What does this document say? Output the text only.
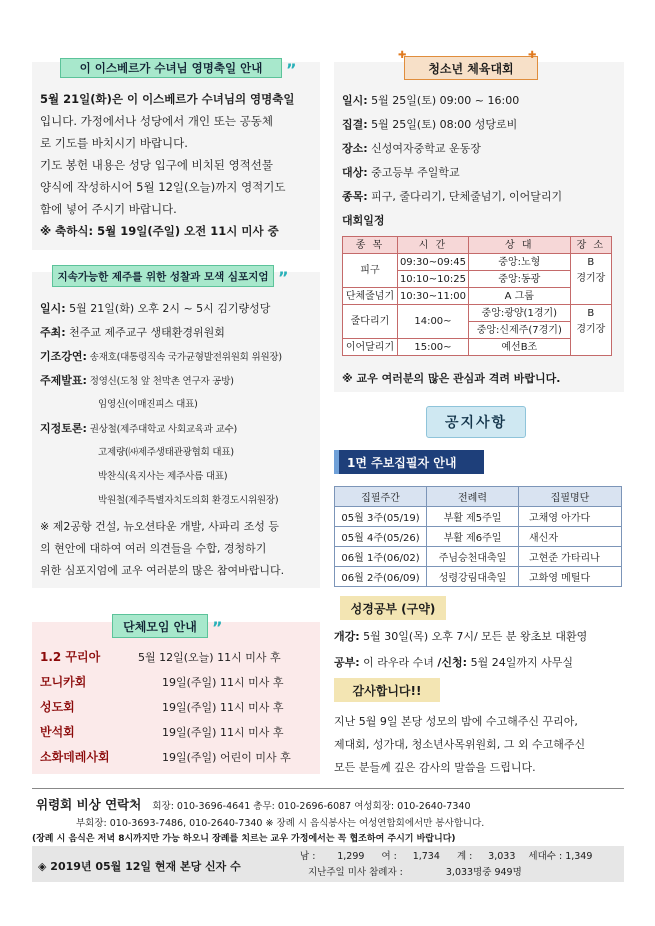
이 이스베르가 수녀님 영명축일 안내 ”
5월 21일(화)은 이 이스베르가 수녀님의 영명축일
입니다. 가정에서나 성당에서 개인 또는 공동체
로 기도를 바치시기 바랍니다.
기도 봉헌 내용은 성당 입구에 비치된 영적선물
양식에 작성하시어 5월 12일(오늘)까지 영적기도
함에 넣어 주시기 바랍니다.
※ 축하식: 5월 19일(주일) 오전 11시 미사 중
지속가능한 제주를 위한 성찰과 모색 심포지엄 ”
일시: 5월 21일(화) 오후 2시 ~ 5시 김기량성당
주최: 천주교 제주교구 생태환경위원회
기조강연: 송재호(대통령직속 국가균형발전위원회 위원장)
주제발표: 정영신(도청 앞 천막촌 연구자 공방)
임영신(이매진피스 대표)
지정토론: 권상철(제주대학교 사회교육과 교수)
고제량(㈔제주생태관광협회 대표)
박찬식(육지사는 제주사름 대표)
박원철(제주특별자치도의회 환경도시위원장)
※ 제2공항 건설, 뉴오션타운 개발, 사파리 조성 등
의 현안에 대하여 여러 의견들을 수합, 경청하기
위한 심포지엄에 교우 여러분의 많은 참여바랍니다.
단체모임 안내 ”
1.2 꾸리아	5월 12일(오늘) 11시 미사 후
모니카회	19일(주일) 11시 미사 후
성도회	19일(주일) 11시 미사 후
반석회	19일(주일) 11시 미사 후
소화데레사회	19일(주일) 어린이 미사 후
청소년 체육대회
✚	✚
일시: 5월 25일(토) 09:00 ~ 16:00
집결: 5월 25일(토) 08:00 성당로비
장소: 신성여자중학교 운동장
대상: 중고등부 주일학교
종목: 피구, 줄다리기, 단체줄넘기, 이어달리기
대회일정
종 목	시 간	상 대	장 소
피구	09:30~09:45	중앙:노형	B
	10:10~10:25	중앙:동광	경기장
단체줄넘기	10:30~11:00	A 그룹	
줄다리기	14:00~	중앙:광양(1경기)	B
		중앙:신제주(7경기)	경기장
이어달리기	15:00~	예선B조	
※ 교우 여러분의 많은 관심과 격려 바랍니다.
공지사항
1면 주보집필자 안내
집필주간	전례력	집필명단
05월 3주(05/19)	부활 제5주일	고채영 아가다
05월 4주(05/26)	부활 제6주일	새신자
06월 1주(06/02)	주님승천대축일	고현준 가타리나
06월 2주(06/09)	성령강림대축일	고화영 메틸다
성경공부 (구약)
개강: 5월 30일(목) 오후 7시/ 모든 분 왕초보 대환영
공부: 이 라우라 수녀 /신청: 5월 24일까지 사무실
감사합니다!!
지난 5월 9일 본당 성모의 밤에 수고해주신 꾸리아,
제대회, 성가대, 청소년사목위원회, 그 외 수고해주신
모든 분들께 깊은 감사의 말씀을 드립니다.
위령회 비상 연락처 회장: 010-3696-4641 총무: 010-2696-6087 여성회장: 010-2640-7340
부회장: 010-3693-7486, 010-2640-7340 ※ 장례 시 음식봉사는 여성연합회에서만 봉사합니다.
(장례 시 음식은 저녁 8시까지만 가능 하오니 장례를 치르는 교우 가정에서는 꼭 협조하여 주시기 바랍니다)
◈ 2019년 05월 12일 현재 본당 신자 수
남 : 1,299 여 : 1,734 계 : 3,033 세대수 : 1,349
지난주일 미사 참례자 :	3,033명중 949명
